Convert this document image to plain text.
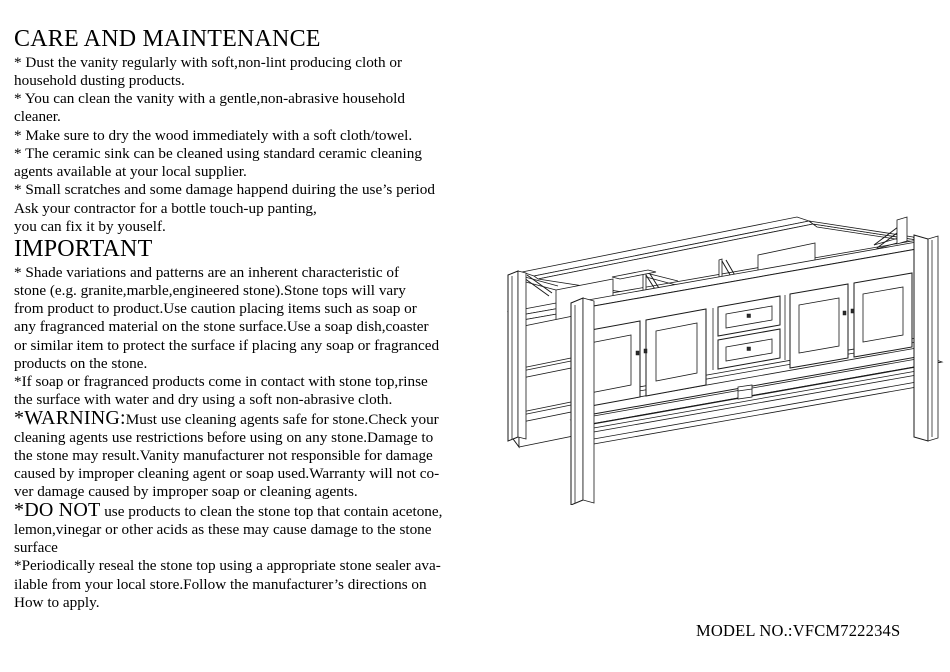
CARE AND MAINTENANCE

* Dust the vanity regularly with soft,non-lint producing cloth or

household dusting products.

* You can clean the vanity with a gentle,non-abrasive household

cleaner.

* Make sure to dry the wood immediately with a soft cloth/towel.

* The ceramic sink can be cleaned using standard ceramic cleaning

agents available at your local supplier.

* Small scratches and some damage happend duiring the use’s period

Ask your contractor for a bottle touch-up panting,

you can fix it by youself.

IMPORTANT

* Shade variations and patterns are an inherent characteristic of

stone (e.g. granite,marble,engineered stone).Stone tops will vary

from product to product.Use caution placing items such as soap or

any fragranced material on the stone surface.Use a soap dish,coaster

or similar item to protect the surface if placing any soap or fragranced

products on the stone.

*If soap or fragranced products come in contact with stone top,rinse

the surface with water and dry using a soft non-abrasive cloth.

*WARNING:Must use cleaning agents safe for stone.Check your

cleaning agents use restrictions before using on any stone.Damage to

the stone may result.Vanity manufacturer not responsible for damage

caused by improper cleaning agent or soap used.Warranty will not co-

ver damage caused by improper soap or cleaning agents.

*DO NOT use products to clean the stone top that contain acetone,

lemon,vinegar or other acids as these may cause damage to the stone

surface

*Periodically reseal the stone top using a appropriate stone sealer ava-

ilable from your local store.Follow the manufacturer’s directions on

How to apply.

MODEL NO.:VFCM722234S
